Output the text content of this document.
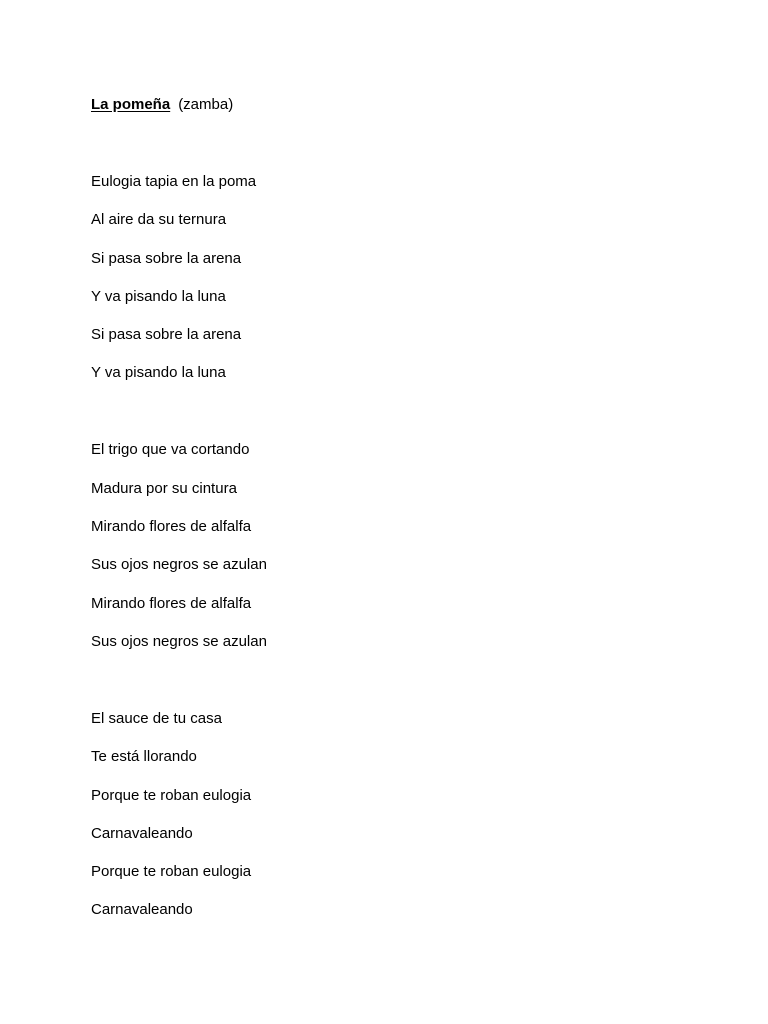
La pomeña (zamba)
Eulogia tapia en la poma
Al aire da su ternura
Si pasa sobre la arena
Y va pisando la luna
Si pasa sobre la arena
Y va pisando la luna
El trigo que va cortando
Madura por su cintura
Mirando flores de alfalfa
Sus ojos negros se azulan
Mirando flores de alfalfa
Sus ojos negros se azulan
El sauce de tu casa
Te está llorando
Porque te roban eulogia
Carnavaleando
Porque te roban eulogia
Carnavaleando
